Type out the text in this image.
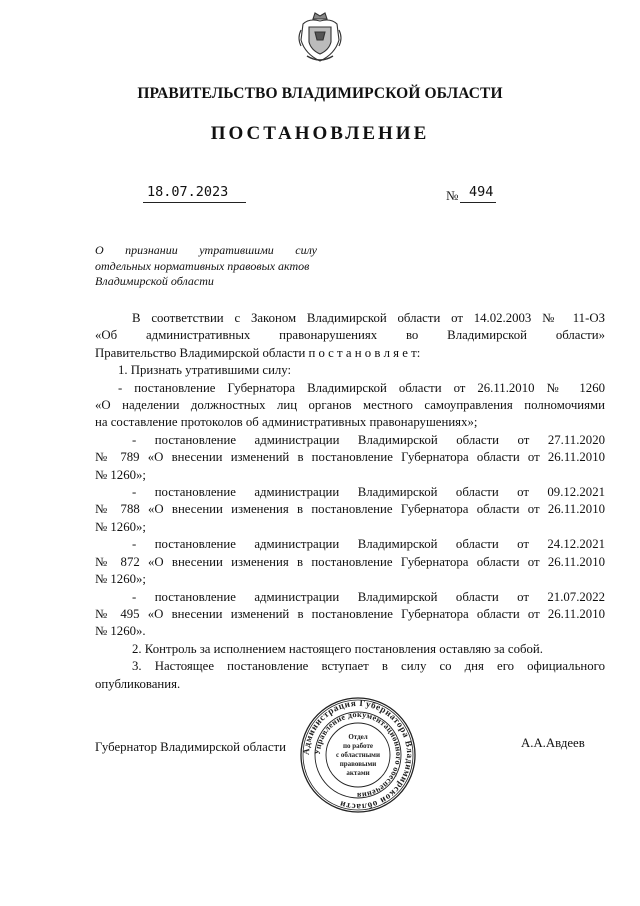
ПРАВИТЕЛЬСТВО ВЛАДИМИРСКОЙ ОБЛАСТИ
ПОСТАНОВЛЕНИЕ
18.07.2023	№ 494
О признании утратившими силу
отдельных нормативных правовых актов
Владимирской области

В соответствии с Законом Владимирской области от 14.02.2003 № 11-ОЗ

«Об административных правонарушениях во Владимирской области»

Правительство Владимирской области п о с т а н о в л я е т:

1. Признать утратившими силу:

- постановление Губернатора Владимирской области от 26.11.2010 № 1260

«О наделении должностных лиц органов местного самоуправления полномочиями

на составление протоколов об административных правонарушениях»;

- постановление администрации Владимирской области от 27.11.2020

№ 789 «О внесении изменений в постановление Губернатора области от 26.11.2010

№ 1260»;

- постановление администрации Владимирской области от 09.12.2021

№ 788 «О внесении изменения в постановление Губернатора области от 26.11.2010

№ 1260»;

- постановление администрации Владимирской области от 24.12.2021

№ 872 «О внесении изменения в постановление Губернатора области от 26.11.2010

№ 1260»;

- постановление администрации Владимирской области от 21.07.2022

№ 495 «О внесении изменений в постановление Губернатора области от 26.11.2010

№ 1260».

2. Контроль за исполнением настоящего постановления оставляю за собой.

3. Настоящее постановление вступает в силу со дня его официального

опубликования.

Губернатор Владимирской области	А.А.Авдеев
Администрация Губернатора Владимирской области
Управление документационного обеспечения
Отдел
по работе
с областными
правовыми
актами
